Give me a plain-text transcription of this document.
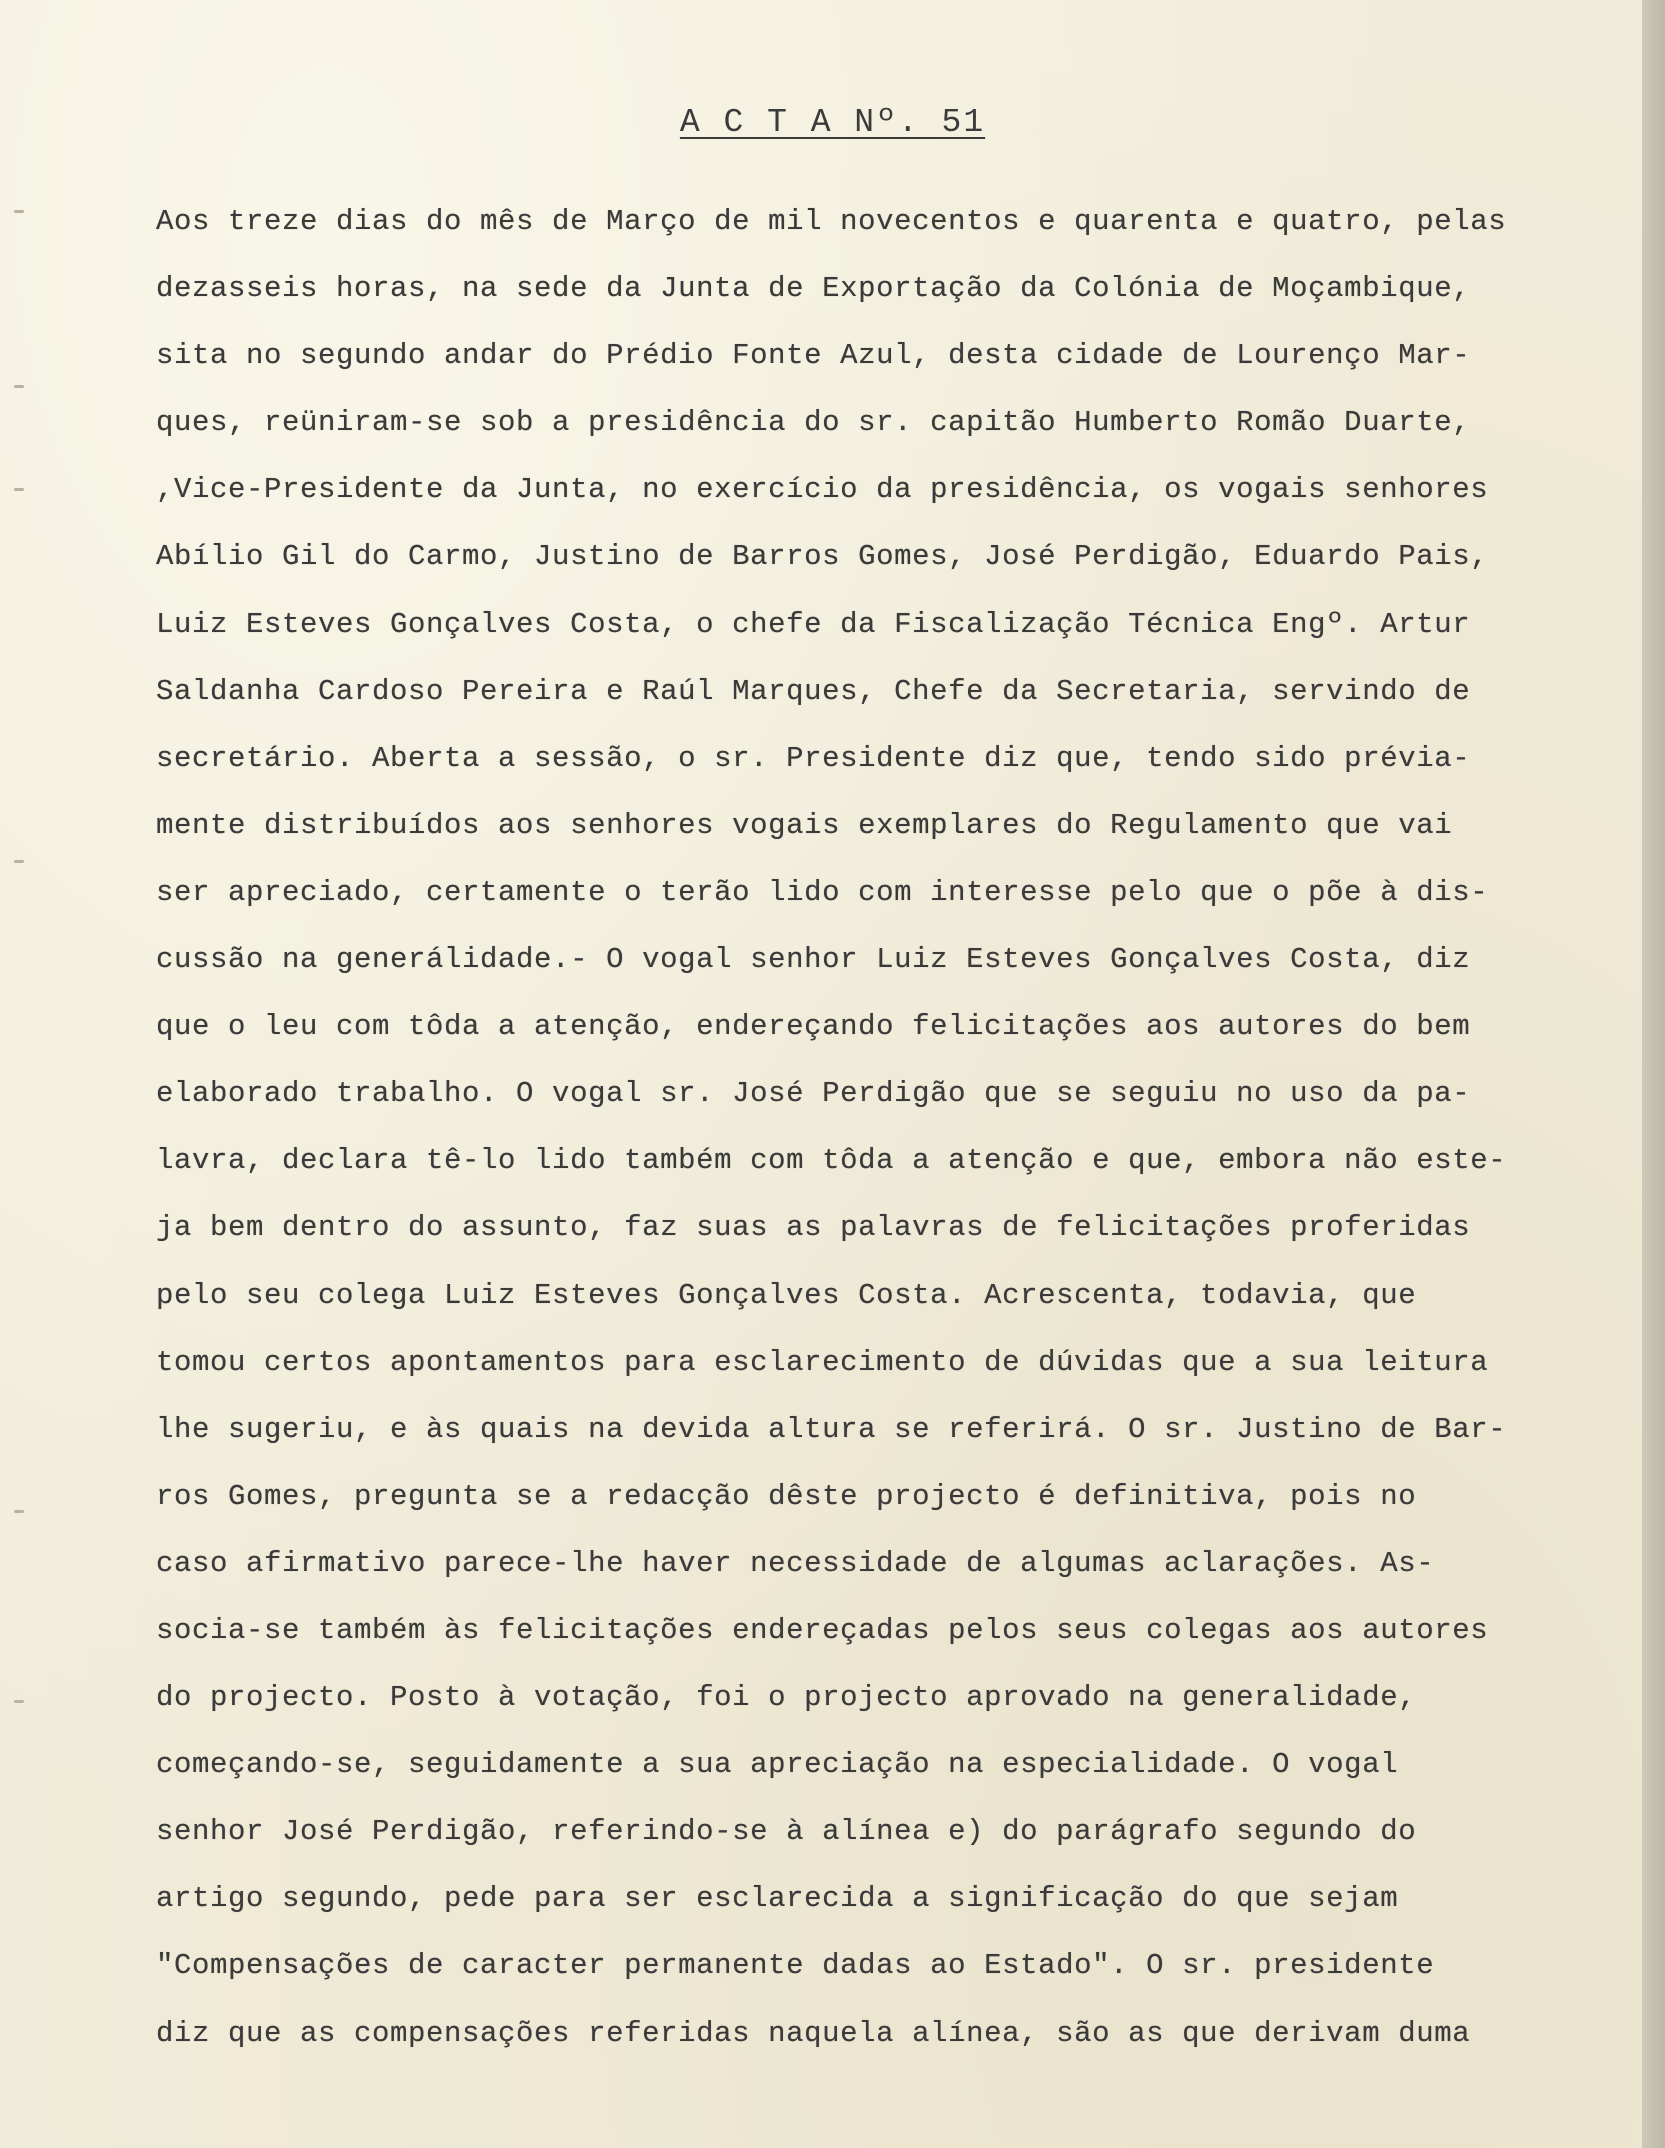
A C T A Nº. 51
Aos treze dias do mês de Março de mil novecentos e quarenta e quatro, pelas
dezasseis horas, na sede da Junta de Exportação da Colónia de Moçambique,
sita no segundo andar do Prédio Fonte Azul, desta cidade de Lourenço Mar-
ques, reüniram-se sob a presidência do sr. capitão Humberto Romão Duarte,
,Vice-Presidente da Junta, no exercício da presidência, os vogais senhores
Abílio Gil do Carmo, Justino de Barros Gomes, José Perdigão, Eduardo Pais,
Luiz Esteves Gonçalves Costa, o chefe da Fiscalização Técnica Engº. Artur
Saldanha Cardoso Pereira e Raúl Marques, Chefe da Secretaria, servindo de
secretário. Aberta a sessão, o sr. Presidente diz que, tendo sido prévia-
mente distribuídos aos senhores vogais exemplares do Regulamento que vai
ser apreciado, certamente o terão lido com interesse pelo que o põe à dis-
cussão na generálidade.- O vogal senhor Luiz Esteves Gonçalves Costa, diz
que o leu com tôda a atenção, endereçando felicitações aos autores do bem
elaborado trabalho. O vogal sr. José Perdigão que se seguiu no uso da pa-
lavra, declara tê-lo lido também com tôda a atenção e que, embora não este-
ja bem dentro do assunto, faz suas as palavras de felicitações proferidas
pelo seu colega Luiz Esteves Gonçalves Costa. Acrescenta, todavia, que
tomou certos apontamentos para esclarecimento de dúvidas que a sua leitura
lhe sugeriu, e às quais na devida altura se referirá. O sr. Justino de Bar-
ros Gomes, pregunta se a redacção dêste projecto é definitiva, pois no
caso afirmativo parece-lhe haver necessidade de algumas aclarações. As-
socia-se também às felicitações endereçadas pelos seus colegas aos autores
do projecto. Posto à votação, foi o projecto aprovado na generalidade,
começando-se, seguidamente a sua apreciação na especialidade. O vogal
senhor José Perdigão, referindo-se à alínea e) do parágrafo segundo do
artigo segundo, pede para ser esclarecida a significação do que sejam
"Compensações de caracter permanente dadas ao Estado". O sr. presidente
diz que as compensações referidas naquela alínea, são as que derivam duma
